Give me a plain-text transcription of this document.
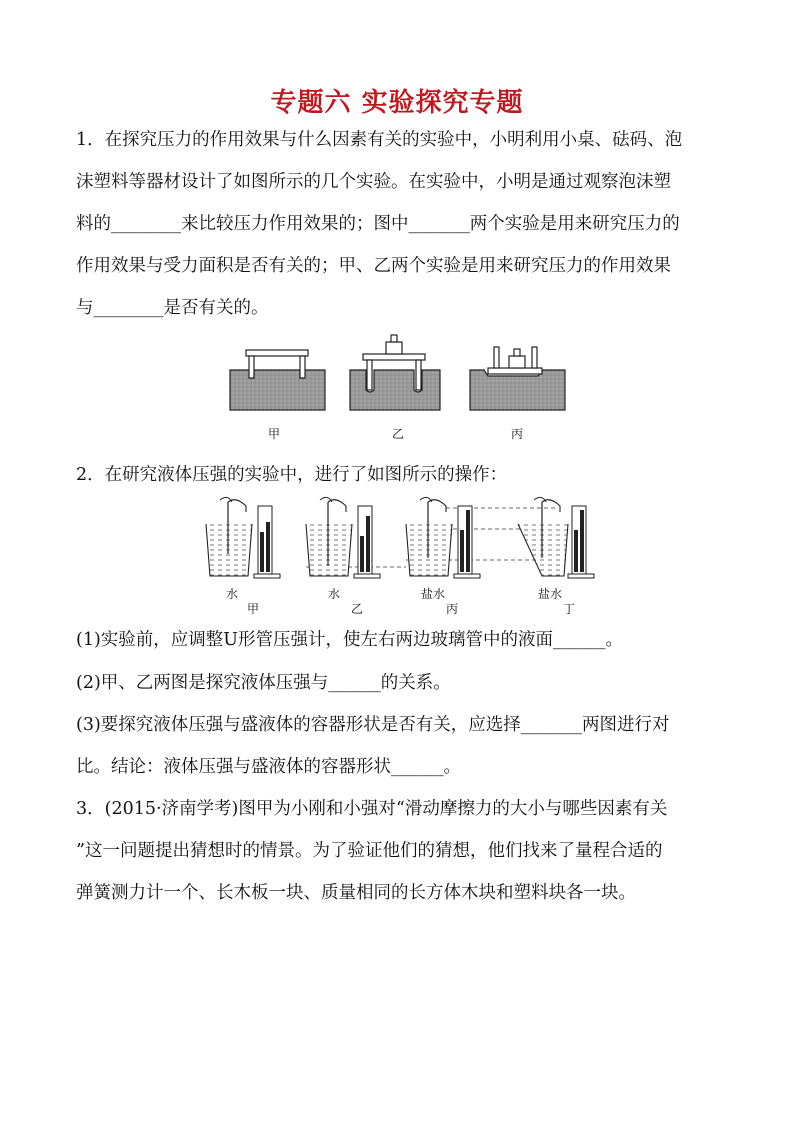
专题六 实验探究专题
1．在探究压力的作用效果与什么因素有关的实验中，小明利用小桌、砝码、泡
沫塑料等器材设计了如图所示的几个实验。在实验中，小明是通过观察泡沫塑
料的________来比较压力作用效果的；图中_______两个实验是用来研究压力的
作用效果与受力面积是否有关的；甲、乙两个实验是用来研究压力的作用效果
与________是否有关的。
甲	乙	丙
2．在研究液体压强的实验中，进行了如图所示的操作：
水	水	盐水	盐水
甲	乙	丙	丁
(1)实验前，应调整U形管压强计，使左右两边玻璃管中的液面______。
(2)甲、乙两图是探究液体压强与______的关系。
(3)要探究液体压强与盛液体的容器形状是否有关，应选择_______两图进行对
比。结论：液体压强与盛液体的容器形状______。
3．(2015·济南学考)图甲为小刚和小强对“滑动摩擦力的大小与哪些因素有关
”这一问题提出猜想时的情景。为了验证他们的猜想，他们找来了量程合适的
弹簧测力计一个、长木板一块、质量相同的长方体木块和塑料块各一块。
